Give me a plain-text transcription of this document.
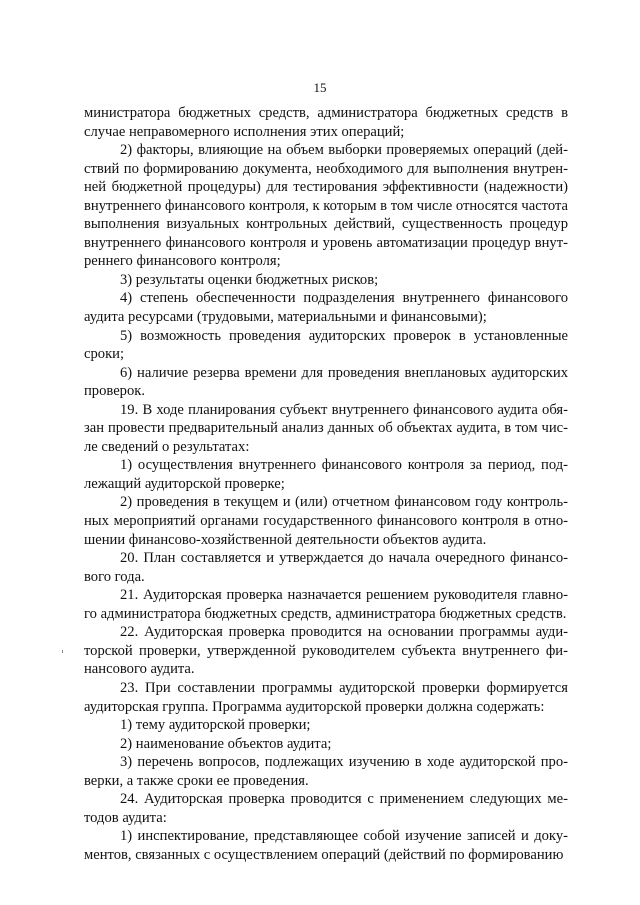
15

министратора бюджетных средств, администратора бюджетных средств в случае неправомерного исполнения этих операций;

2) факторы, влияющие на объем выборки проверяемых операций (действий по формированию документа, необходимого для выполнения внутренней бюджетной процедуры) для тестирования эффективности (надежности) внутреннего финансового контроля, к которым в том числе относятся частота выполнения визуальных контрольных действий, существенность процедур внутреннего финансового контроля и уровень автоматизации процедур внутреннего финансового контроля;

3) результаты оценки бюджетных рисков;

4) степень обеспеченности подразделения внутреннего финансового аудита ресурсами (трудовыми, материальными и финансовыми);

5) возможность проведения аудиторских проверок в установленные сроки;

6) наличие резерва времени для проведения внеплановых аудиторских проверок.

19. В ходе планирования субъект внутреннего финансового аудита обязан провести предварительный анализ данных об объектах аудита, в том числе сведений о результатах:

1) осуществления внутреннего финансового контроля за период, подлежащий аудиторской проверке;

2) проведения в текущем и (или) отчетном финансовом году контрольных мероприятий органами государственного финансового контроля в отношении финансово-хозяйственной деятельности объектов аудита.

20. План составляется и утверждается до начала очередного финансового года.

21. Аудиторская проверка назначается решением руководителя главного администратора бюджетных средств, администратора бюджетных средств.

22. Аудиторская проверка проводится на основании программы аудиторской проверки, утвержденной руководителем субъекта внутреннего финансового аудита.

23. При составлении программы аудиторской проверки формируется аудиторская группа. Программа аудиторской проверки должна содержать:

1) тему аудиторской проверки;

2) наименование объектов аудита;

3) перечень вопросов, подлежащих изучению в ходе аудиторской проверки, а также сроки ее проведения.

24. Аудиторская проверка проводится с применением следующих методов аудита:

1) инспектирование, представляющее собой изучение записей и документов, связанных с осуществлением операций (действий по формированию
